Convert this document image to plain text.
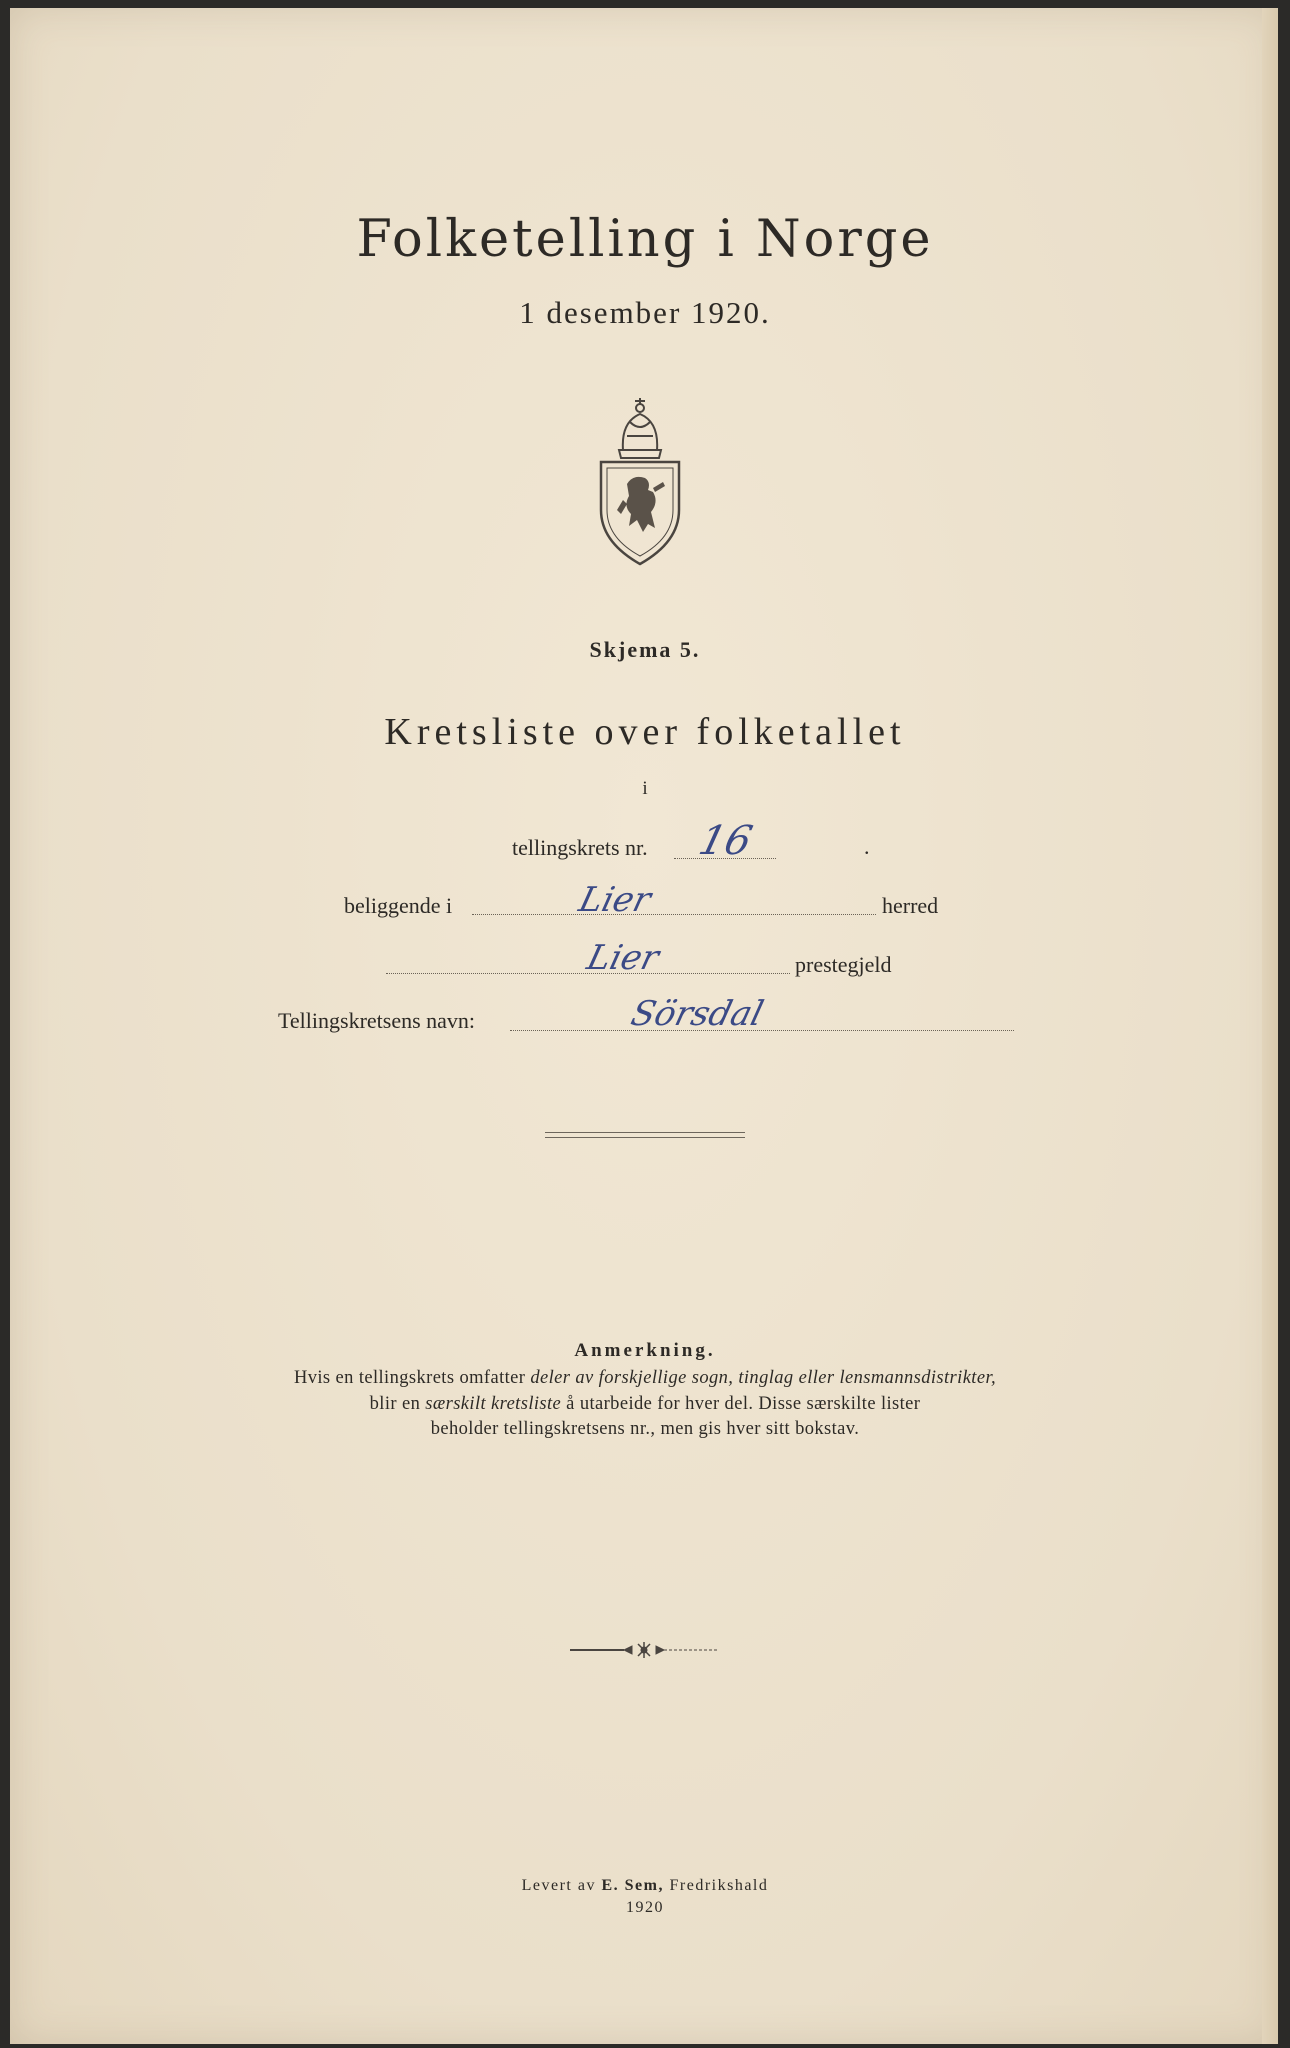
Folketelling i Norge
1 desember 1920.
Skjema 5.
Kretsliste over folketallet
i
tellingskrets nr. 16	.
beliggende i	Lier	herred
Lier	prestegjeld
Tellingskretsens navn:	Sörsdal
Anmerkning.
Hvis en tellingskrets omfatter deler av forskjellige sogn, tinglag eller lensmannsdistrikter,
blir en særskilt kretsliste å utarbeide for hver del. Disse særskilte lister
beholder tellingskretsens nr., men gis hver sitt bokstav.
Levert av E. Sem, Fredrikshald
1920
